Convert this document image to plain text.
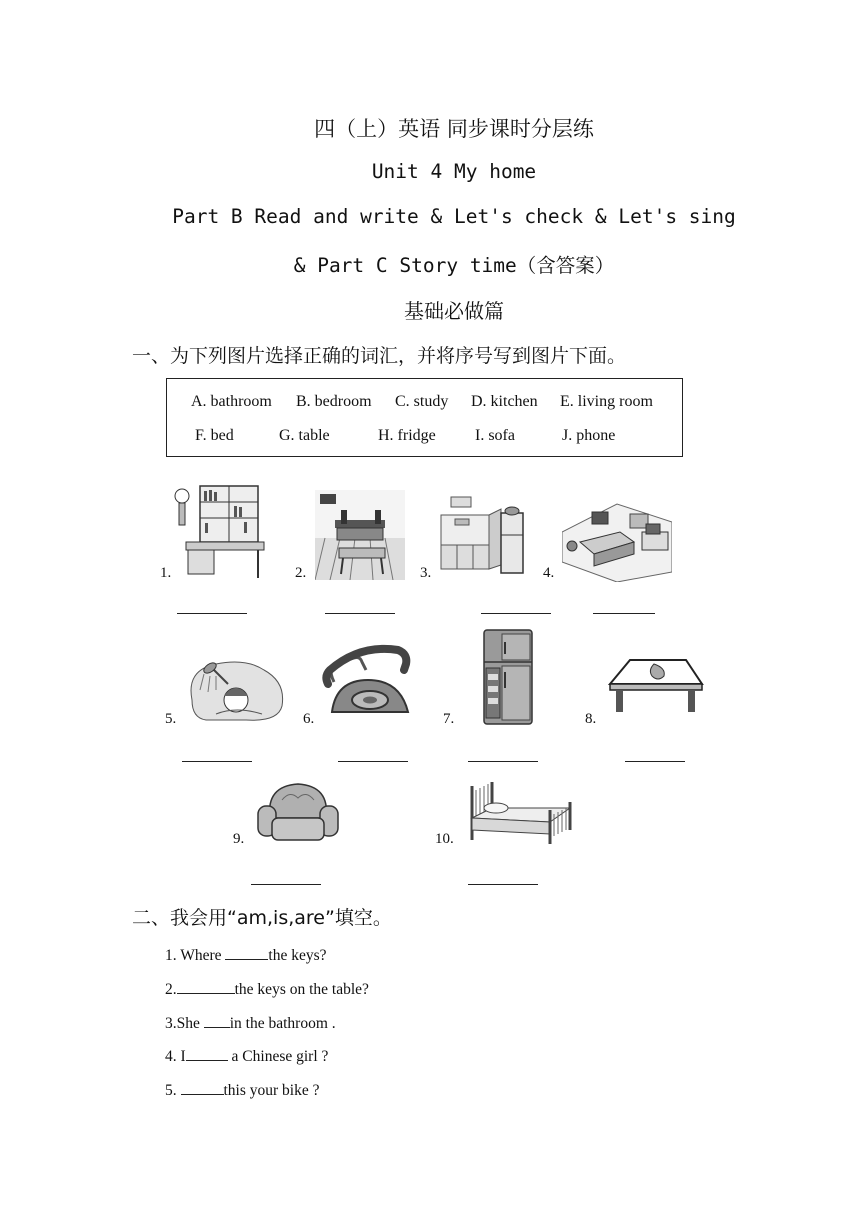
四（上）英语 同步课时分层练
Unit 4 My home
Part B Read and write & Let's check & Let's sing
& Part C Story time（含答案）
基础必做篇
一、为下列图片选择正确的词汇，并将序号写到图片下面。
A. bathroom B. bedroom C. study D. kitchen E. living room
F. bed	G. table	H. fridge I. sofa	J. phone
1.	2.	3.	4.
5.	6.	7.	8.
9.	10.
二、我会用“am,is,are”填空。
1. Where	the keys?
2.	the keys on the table?
3.She in the bathroom .
4. I	a Chinese girl ?
5.	this your bike ?
